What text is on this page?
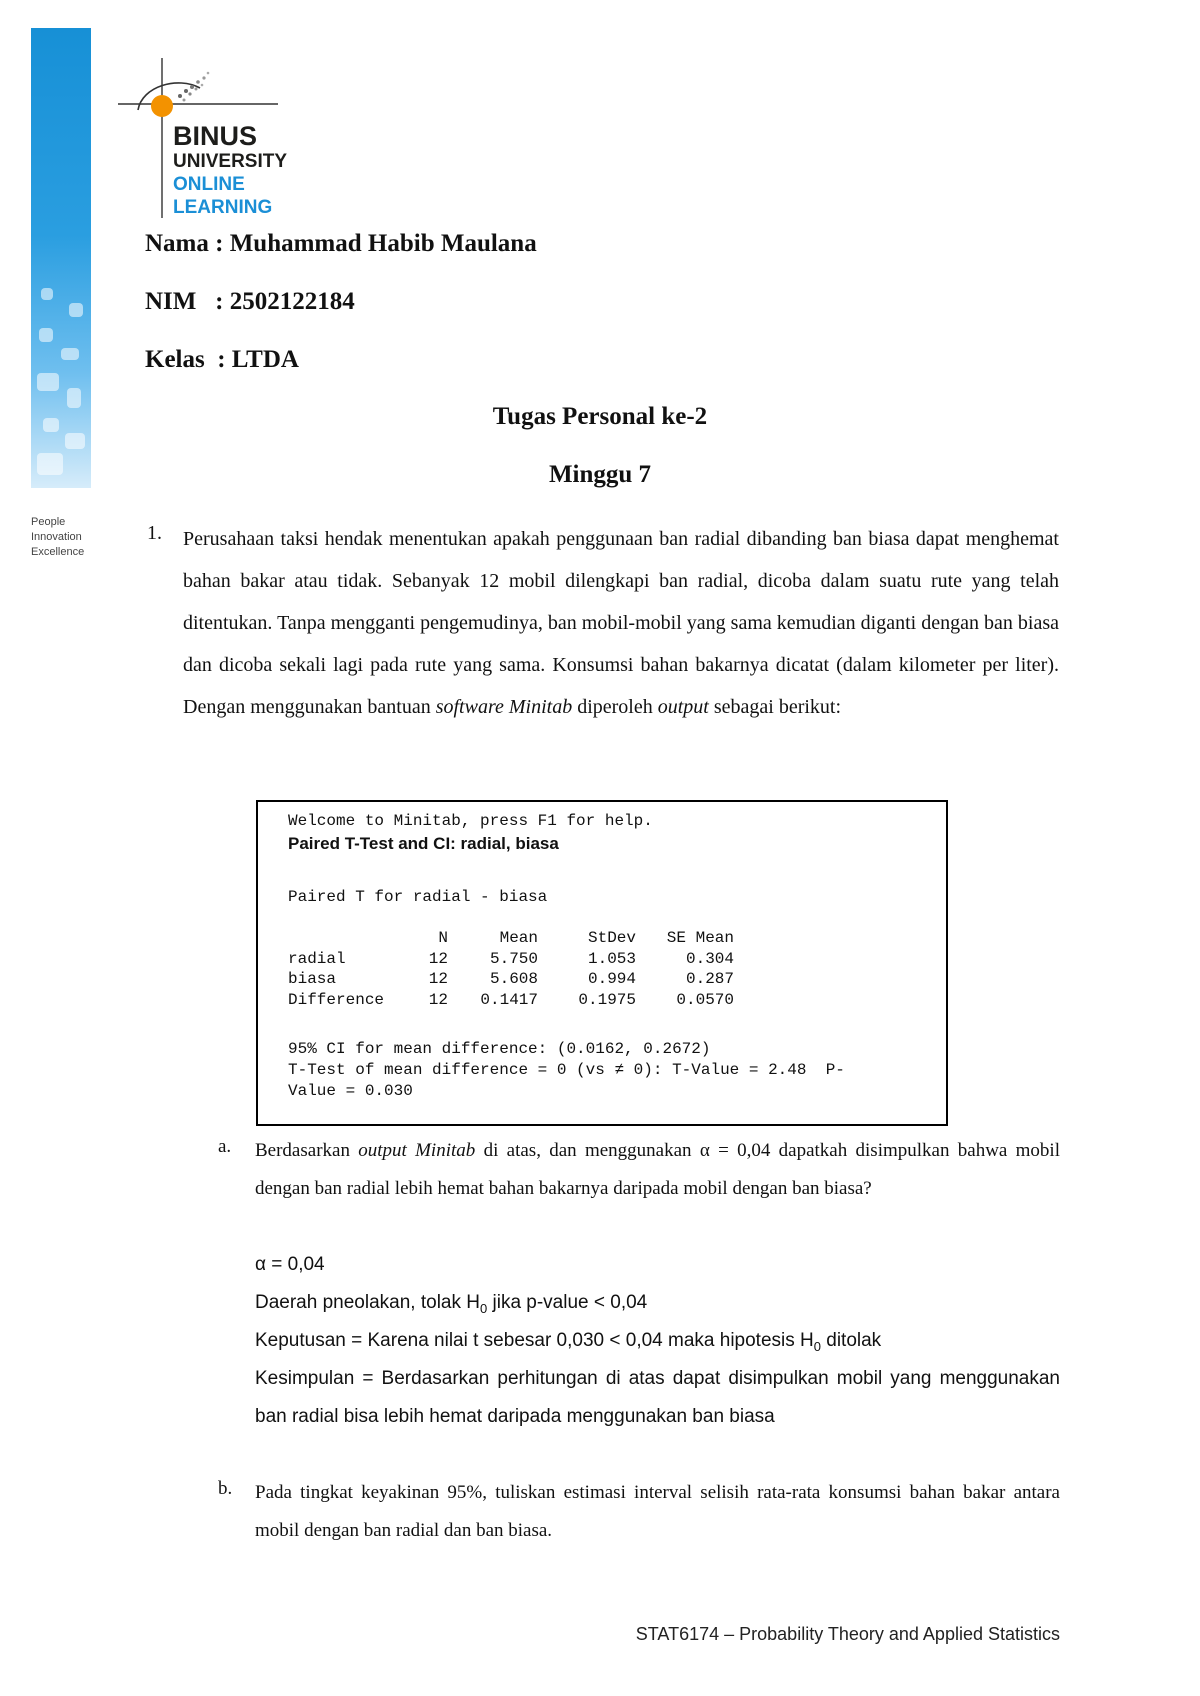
People
Innovation
Excellence
BINUS
UNIVERSITY
ONLINE
LEARNING
Nama : Muhammad Habib Maulana
NIM   : 2502122184
Kelas  : LTDA
Tugas Personal ke-2
Minggu 7
1. Perusahaan taksi hendak menentukan apakah penggunaan ban radial dibanding ban biasa dapat menghemat bahan bakar atau tidak. Sebanyak 12 mobil dilengkapi ban radial, dicoba dalam suatu rute yang telah ditentukan. Tanpa mengganti pengemudinya, ban mobil-mobil yang sama kemudian diganti dengan ban biasa dan dicoba sekali lagi pada rute yang sama. Konsumsi bahan bakarnya dicatat (dalam kilometer per liter). Dengan menggunakan bantuan software Minitab diperoleh output sebagai berikut:
Welcome to Minitab, press F1 for help.
Paired T-Test and CI: radial, biasa
Paired T for radial - biasa
	N	Mean	StDev	SE Mean
radial	12	5.750	1.053	0.304
biasa	12	5.608	0.994	0.287
Difference	12	0.1417	0.1975	0.0570
95% CI for mean difference: (0.0162, 0.2672)
T-Test of mean difference = 0 (vs ≠ 0): T-Value = 2.48  P-
Value = 0.030
a. Berdasarkan output Minitab di atas, dan menggunakan α = 0,04 dapatkah disimpulkan bahwa mobil dengan ban radial lebih hemat bahan bakarnya daripada mobil dengan ban biasa?
α = 0,04
Daerah pneolakan, tolak $H_0$ jika p-value < 0,04
Keputusan = Karena nilai t sebesar 0,030 < 0,04 maka hipotesis $H_0$ ditolak
Kesimpulan = Berdasarkan perhitungan di atas dapat disimpulkan mobil yang menggunakan ban radial bisa lebih hemat daripada menggunakan ban biasa
b. Pada tingkat keyakinan 95%, tuliskan estimasi interval selisih rata-rata konsumsi bahan bakar antara mobil dengan ban radial dan ban biasa.
STAT6174 – Probability Theory and Applied Statistics
